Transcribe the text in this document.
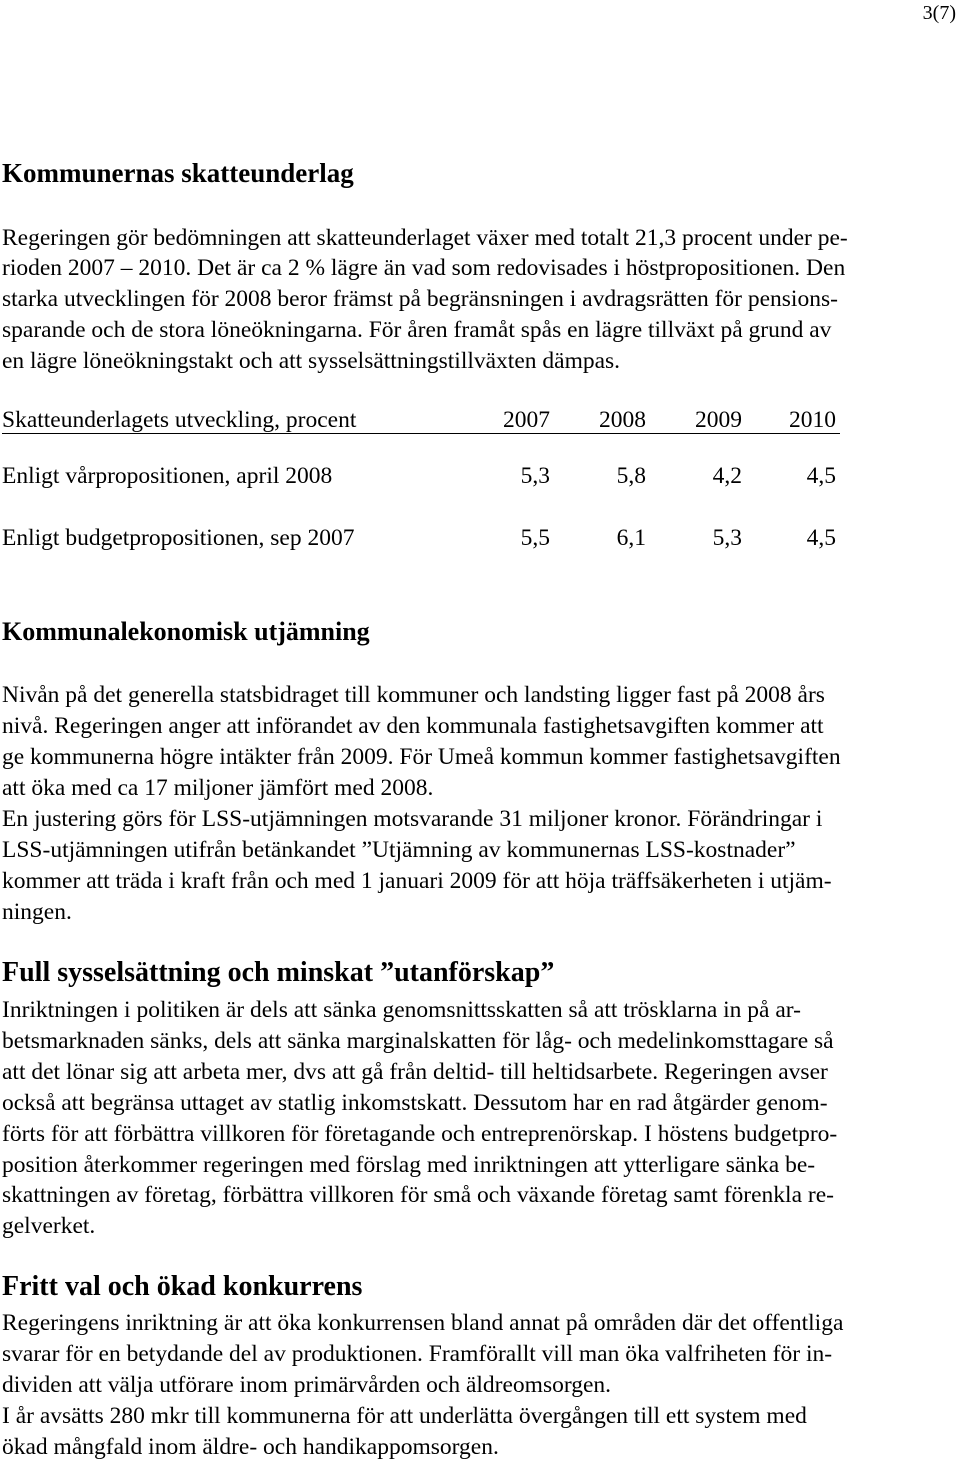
3(7)
Kommunernas skatteunderlag
Regeringen gör bedömningen att skatteunderlaget växer med totalt 21,3 procent under pe-
rioden 2007 – 2010. Det är ca 2 % lägre än vad som redovisades i höstpropositionen. Den
starka utvecklingen för 2008 beror främst på begränsningen i avdragsrätten för pensions-
sparande och de stora löneökningarna. För åren framåt spås en lägre tillväxt på grund av
en lägre löneökningstakt och att sysselsättningstillväxten dämpas.
Skatteunderlagets utveckling, procent	2007	2008	2009	2010
Enligt vårpropositionen, april 2008	5,3	5,8	4,2	4,5
Enligt budgetpropositionen, sep 2007	5,5	6,1	5,3	4,5
Kommunalekonomisk utjämning
Nivån på det generella statsbidraget till kommuner och landsting ligger fast på 2008 års
nivå. Regeringen anger att införandet av den kommunala fastighetsavgiften kommer att
ge kommunerna högre intäkter från 2009. För Umeå kommun kommer fastighetsavgiften
att öka med ca 17 miljoner jämfört med 2008.
En justering görs för LSS-utjämningen motsvarande 31 miljoner kronor. Förändringar i
LSS-utjämningen utifrån betänkandet ”Utjämning av kommunernas LSS-kostnader”
kommer att träda i kraft från och med 1 januari 2009 för att höja träffsäkerheten i utjäm-
ningen.
Full sysselsättning och minskat ”utanförskap”
Inriktningen i politiken är dels att sänka genomsnittsskatten så att trösklarna in på ar-
betsmarknaden sänks, dels att sänka marginalskatten för låg- och medelinkomsttagare så
att det lönar sig att arbeta mer, dvs att gå från deltid- till heltidsarbete. Regeringen avser
också att begränsa uttaget av statlig inkomstskatt. Dessutom har en rad åtgärder genom-
förts för att förbättra villkoren för företagande och entreprenörskap. I höstens budgetpro-
position återkommer regeringen med förslag med inriktningen att ytterligare sänka be-
skattningen av företag, förbättra villkoren för små och växande företag samt förenkla re-
gelverket.
Fritt val och ökad konkurrens
Regeringens inriktning är att öka konkurrensen bland annat på områden där det offentliga
svarar för en betydande del av produktionen. Framförallt vill man öka valfriheten för in-
dividen att välja utförare inom primärvården och äldreomsorgen.
I år avsätts 280 mkr till kommunerna för att underlätta övergången till ett system med
ökad mångfald inom äldre- och handikappomsorgen.
